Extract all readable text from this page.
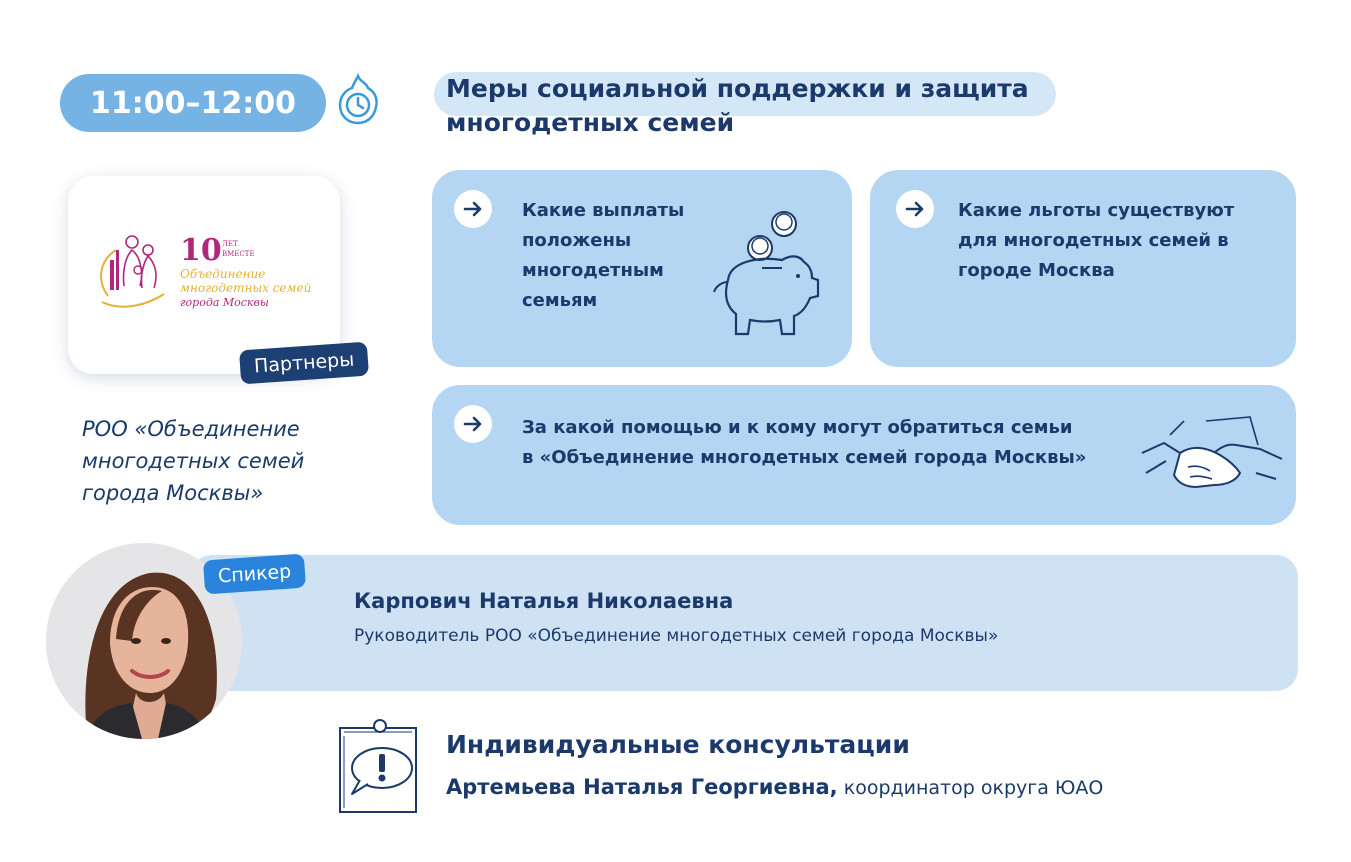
11:00–12:00	Меры социальной поддержки и защита многодетных семей
10 ЛЕТ
ВМЕСТЕ
Объединение
многодетных семей
города Москвы
Партнеры
РОО «Объединение многодетных семей города Москвы»
Какие выплаты положены многодетным семьям
Какие льготы существуют для многодетных семей в городе Москва
За какой помощью и к кому могут обратиться семьи
в «Объединение многодетных семей города Москвы»
Спикер
Карпович Наталья Николаевна
Руководитель РОО «Объединение многодетных семей города Москвы»
Индивидуальные консультации
Артемьева Наталья Георгиевна, координатор округа ЮАО
